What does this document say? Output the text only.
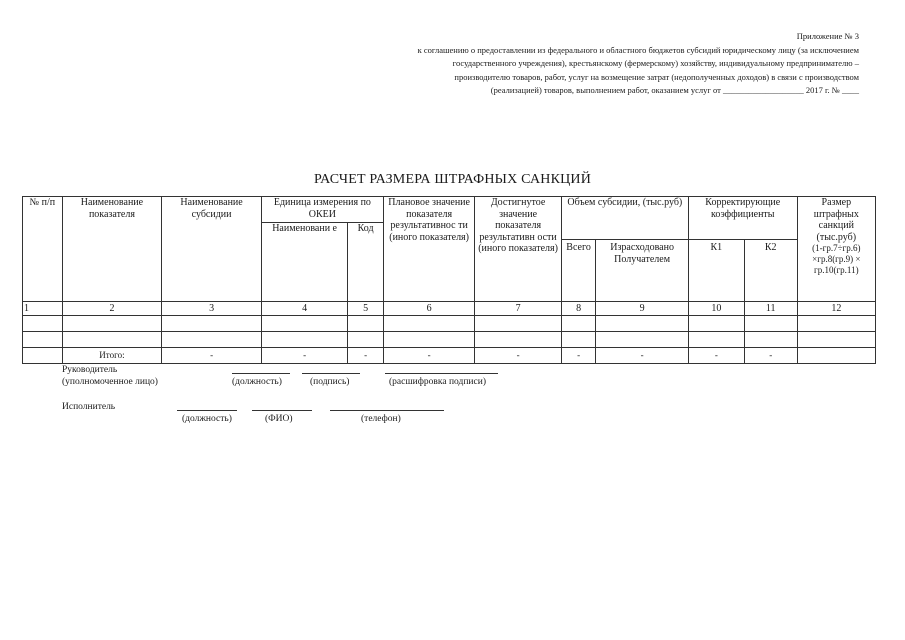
Приложение № 3
к соглашению о предоставлении из федерального и областного бюджетов субсидий юридическому лицу (за исключением
государственного учреждения), крестьянскому (фермерскому) хозяйству, индивидуальному предпринимателю –
производителю товаров, работ, услуг на возмещение затрат (недополученных доходов) в связи с производством
(реализацией) товаров, выполнением работ, оказанием услуг от ___________________ 2017 г. № ____
РАСЧЕТ РАЗМЕРА ШТРАФНЫХ САНКЦИЙ
№ п/п	Наименование показателя	Наименование субсидии	Единица измерения по ОКЕИ		Плановое значение показателя результативнос ти (иного показателя)	Достигнутое значение показателя результативн ости (иного показателя)	Объем субсидии, (тыс.руб)		Корректирующие коэффициенты		Размер штрафных санкций (тыс.руб)
(1-гр.7÷гр.6) ×гр.8(гр.9) × гр.10(гр.11)

			Наименовани е	Код							

							Всего	Израсходовано Получателем	К1	К2	

1	2	3	4	5	6	7	8	9	10	11	12

	Итого:	-	-	-	-	-	-	-	-	-	
Руководитель
(уполномоченное лицо)	(должность)	(подпись)	(расшифровка подписи)
Исполнитель
(должность)	(ФИО)	(телефон)
